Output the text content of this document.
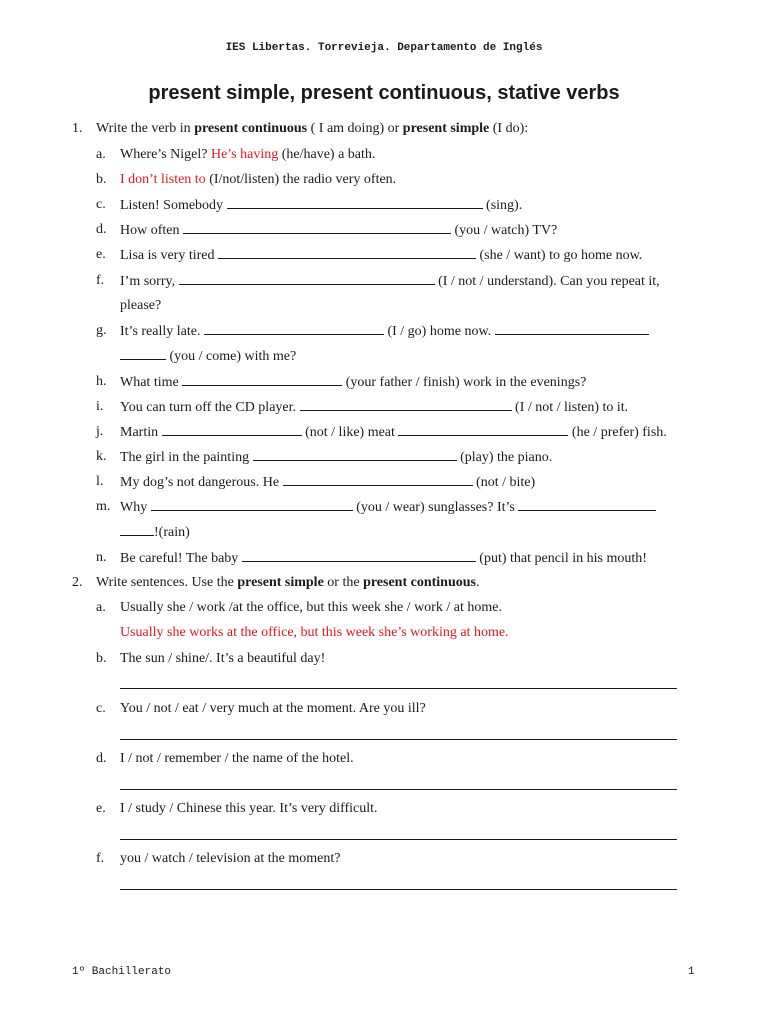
IES Libertas. Torrevieja. Departamento de Inglés
present simple, present continuous, stative verbs
1. Write the verb in present continuous ( I am doing) or present simple (I do):
a. Where’s Nigel? He’s having (he/have) a bath.
b. I don’t listen to (I/not/listen) the radio very often.
c. Listen! Somebody	(sing).
d. How often	(you / watch) TV?
e. Lisa is very tired	(she / want) to go home now.
f. I’m sorry,	(I / not / understand). Can you repeat it,
please?
g. It’s really late.	(I / go) home now.
(you / come) with me?
h. What time	(your father / finish) work in the evenings?
i. You can turn off the CD player.	(I / not / listen) to it.
j. Martin	(not / like) meat	(he / prefer) fish.
k. The girl in the painting	(play) the piano.
l. My dog’s not dangerous. He	(not / bite)
m. Why	(you / wear) sunglasses? It’s
!(rain)
n. Be careful! The baby	(put) that pencil in his mouth!
2. Write sentences. Use the present simple or the present continuous.
a. Usually she / work /at the office, but this week she / work / at home.
Usually she works at the office, but this week she’s working at home.
b. The sun / shine/. It’s a beautiful day!
c. You / not / eat / very much at the moment. Are you ill?
d. I / not / remember / the name of the hotel.
e. I / study / Chinese this year. It’s very difficult.
f. you / watch / television at the moment?
1º Bachillerato	1
